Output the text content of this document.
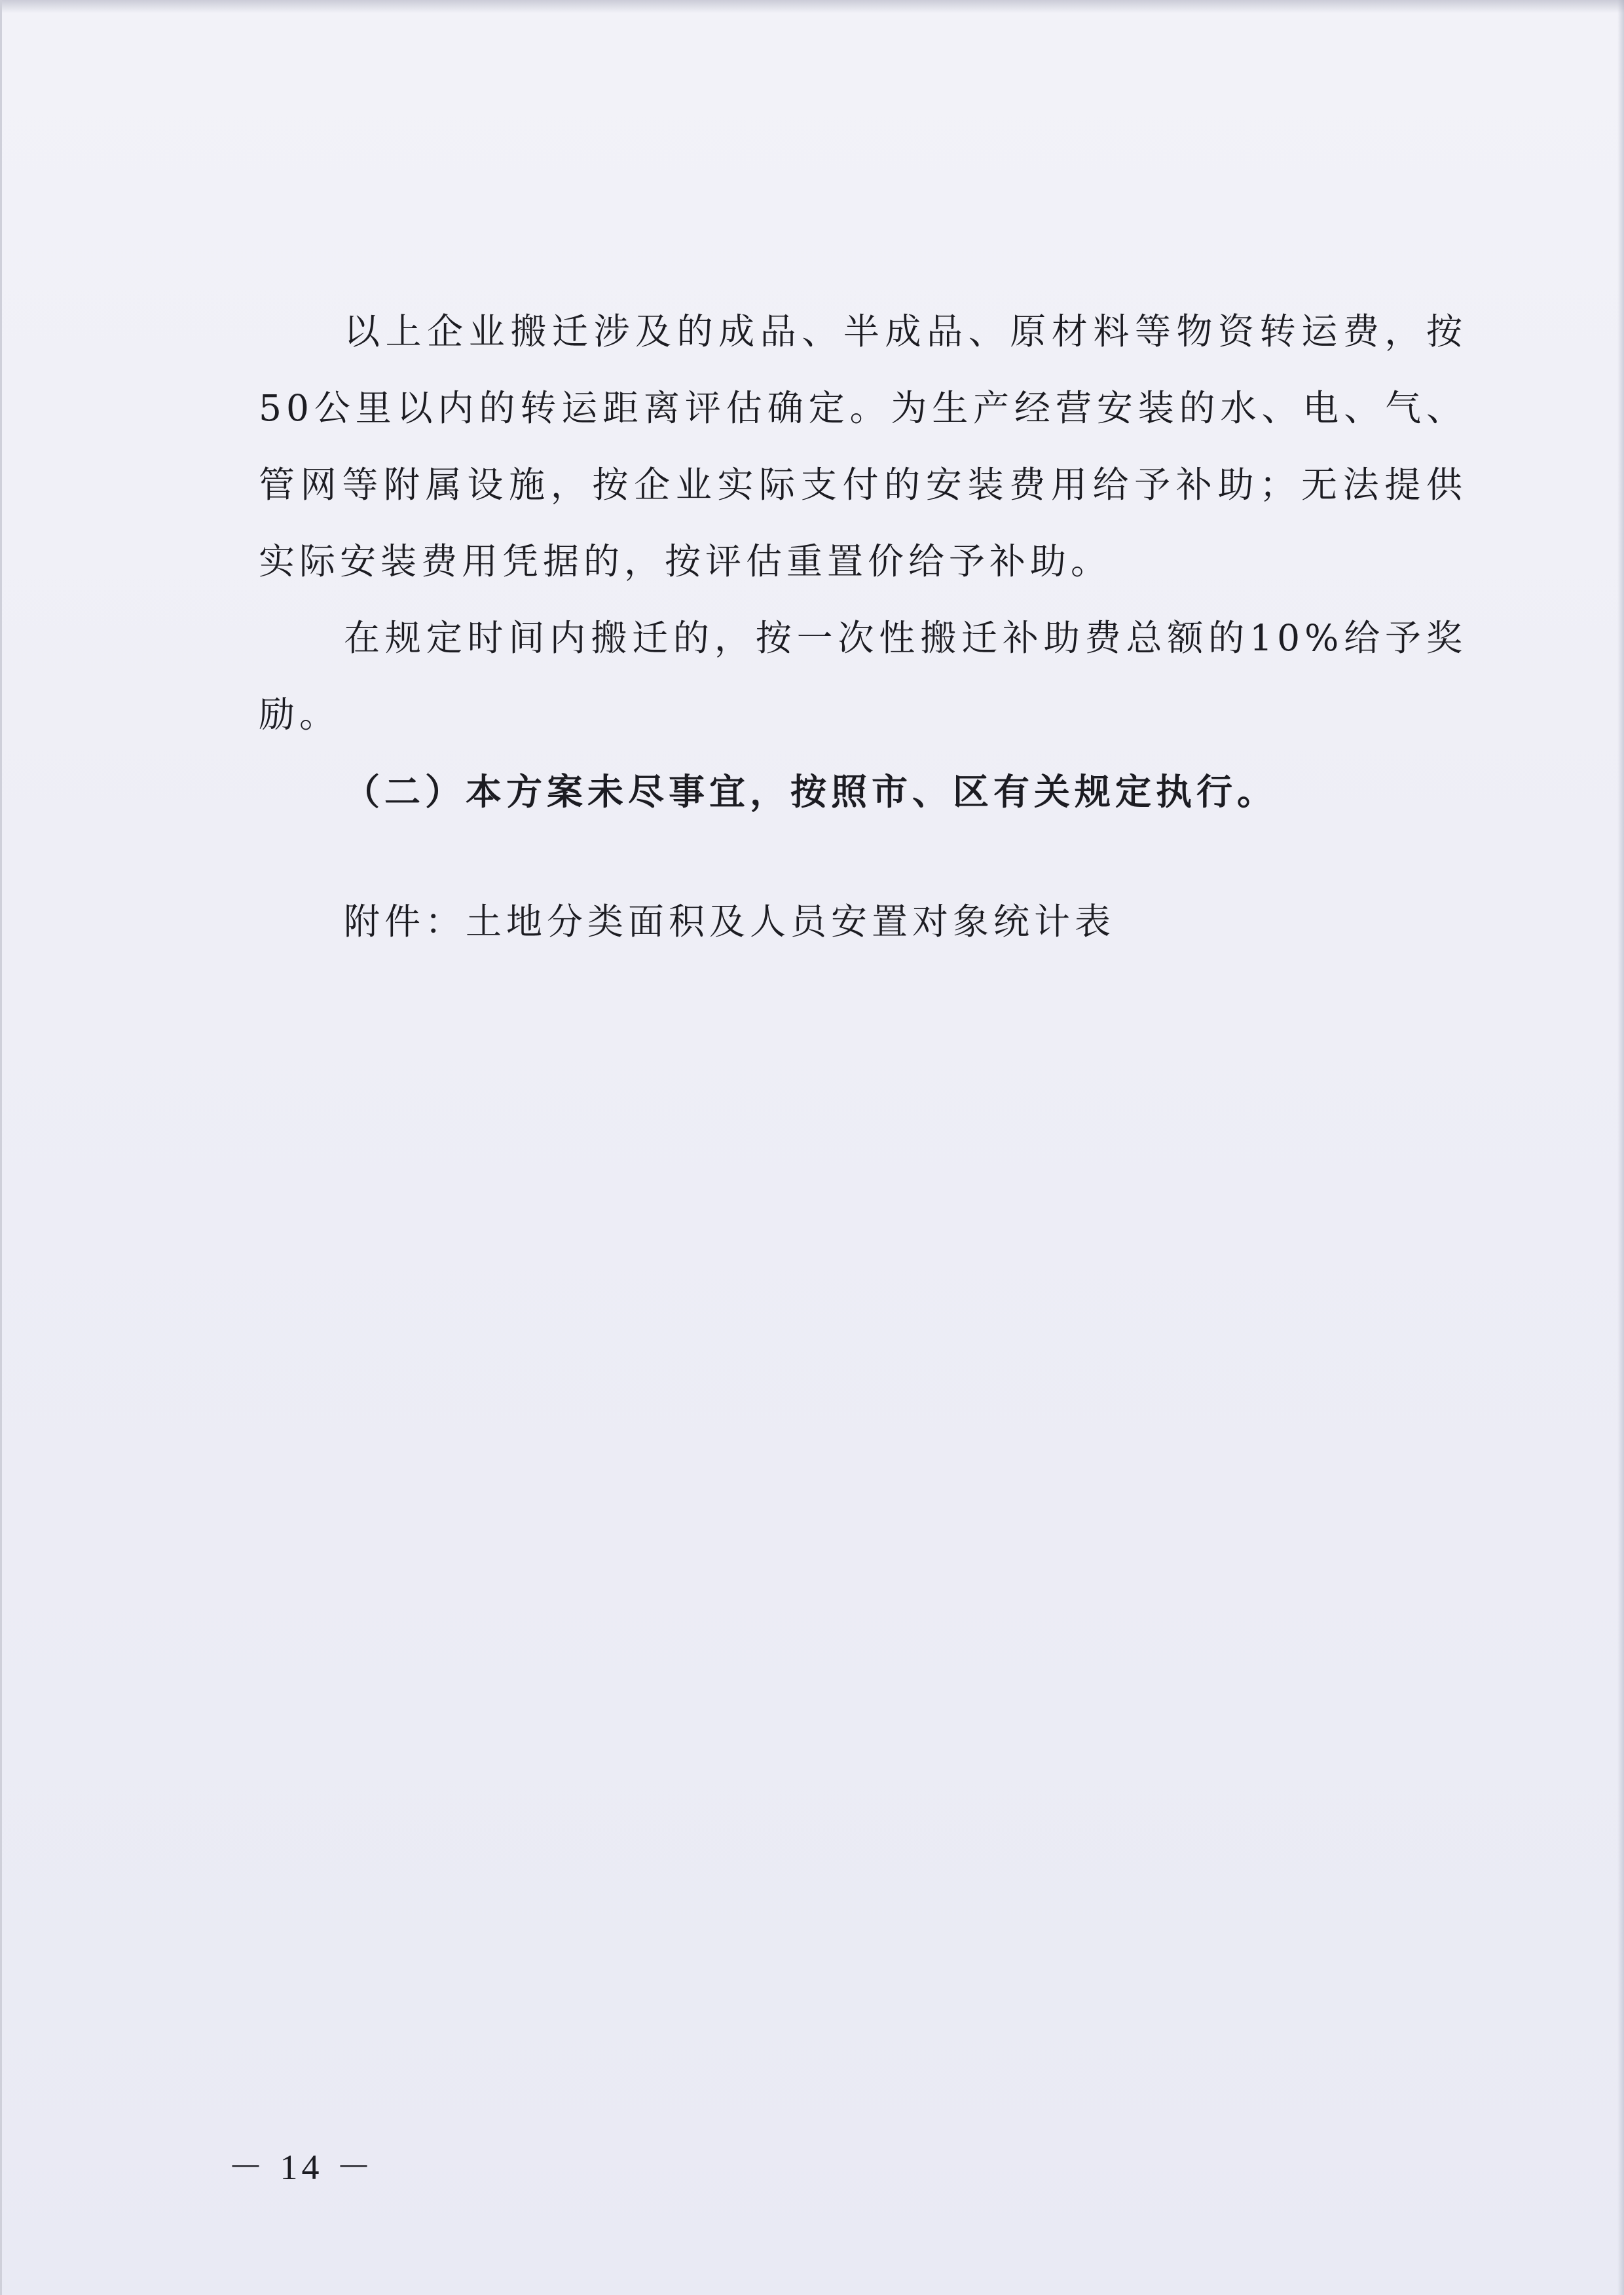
以上企业搬迁涉及的成品、半成品、原材料等物资转运费，按50公里以内的转运距离评估确定。为生产经营安装的水、电、气、管网等附属设施，按企业实际支付的安装费用给予补助；无法提供实际安装费用凭据的，按评估重置价给予补助。

在规定时间内搬迁的，按一次性搬迁补助费总额的10%给予奖励。

（二）本方案未尽事宜，按照市、区有关规定执行。

附件：土地分类面积及人员安置对象统计表

－ 14 －
